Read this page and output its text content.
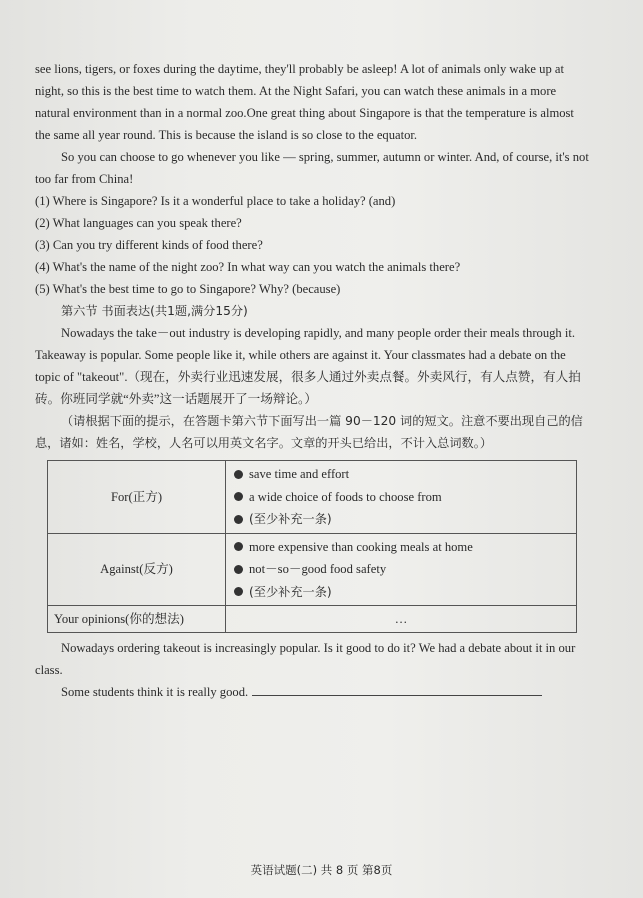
see lions, tigers, or foxes during the daytime, they'll probably be asleep! A lot of animals only wake up at night, so this is the best time to watch them. At the Night Safari, you can watch these animals in a more natural environment than in a normal zoo.One great thing about Singapore is that the temperature is almost the same all year round. This is because the island is so close to the equator.

So you can choose to go whenever you like — spring, summer, autumn or winter. And, of course, it's not too far from China!

(1) Where is Singapore? Is it a wonderful place to take a holiday? (and)

(2) What languages can you speak there?

(3) Can you try different kinds of food there?

(4) What's the name of the night zoo? In what way can you watch the animals there?

(5) What's the best time to go to Singapore? Why? (because)

第六节 书面表达(共1题,满分15分)

Nowadays the take－out industry is developing rapidly, and many people order their meals through it. Takeaway is popular. Some people like it, while others are against it. Your classmates had a debate on the topic of "takeout".（现在，外卖行业迅速发展，很多人通过外卖点餐。外卖风行，有人点赞，有人拍砖。你班同学就“外卖”这一话题展开了一场辩论。）

（请根据下面的提示，在答题卡第六节下面写出一篇 90－120 词的短文。注意不要出现自己的信息，诸如：姓名，学校，人名可以用英文名字。文章的开头已给出，不计入总词数。）

For(正方)	save time and effort
a wide choice of foods to choose from
(至少补充一条)

Against(反方)	more expensive than cooking meals at home
not－so－good food safety
(至少补充一条)

Your opinions(你的想法)	…

Nowadays ordering takeout is increasingly popular. Is it good to do it? We had a debate about it in our class.

Some students think it is really good.

英语试题(二) 共 8 页 第8页
